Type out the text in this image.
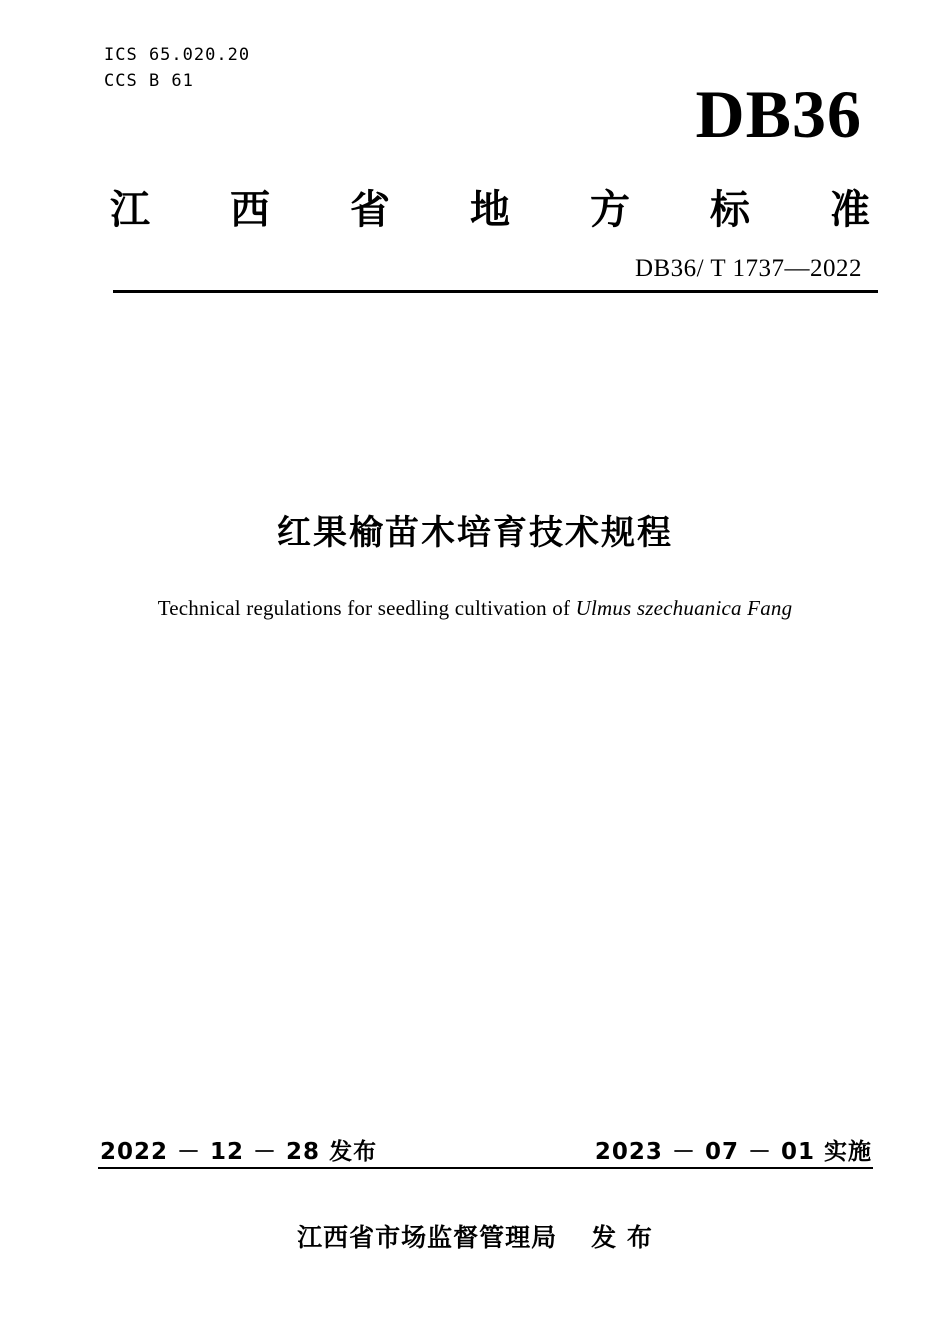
ICS 65.020.20
CCS B 61	DB36
江 西 省 地 方 标 准
DB36/ T 1737—2022
红果榆苗木培育技术规程
Technical regulations for seedling cultivation of Ulmus szechuanica Fang
2022 － 12 － 28 发布	2023 － 07 － 01 实施
江西省市场监督管理局 发 布
